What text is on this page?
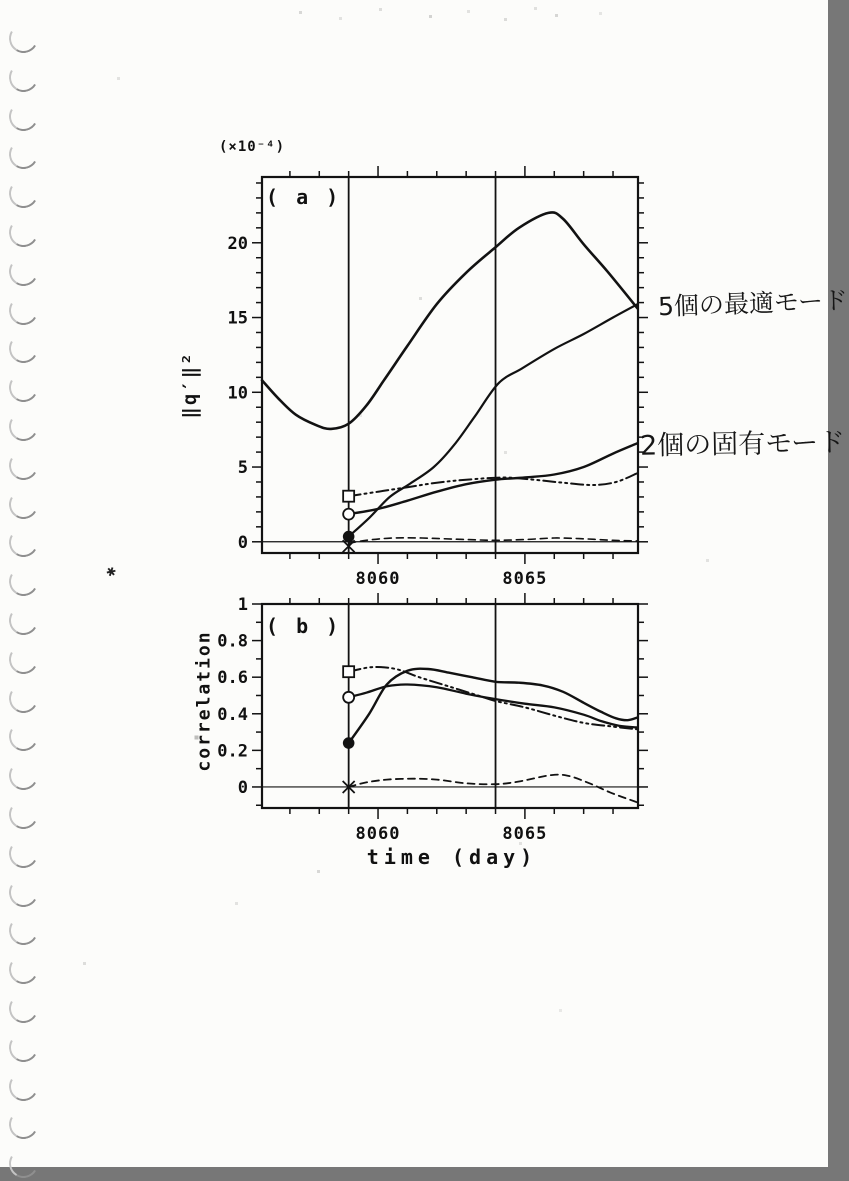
0
5
10
15
20
8060	8065
0
0.2
0.4
0.6
0.8
1
8060	8065
(×10⁻⁴)
( a )
( b )
‖q′‖²
correlation
time (day)
5個の最適モード
2個の固有モード
✱
